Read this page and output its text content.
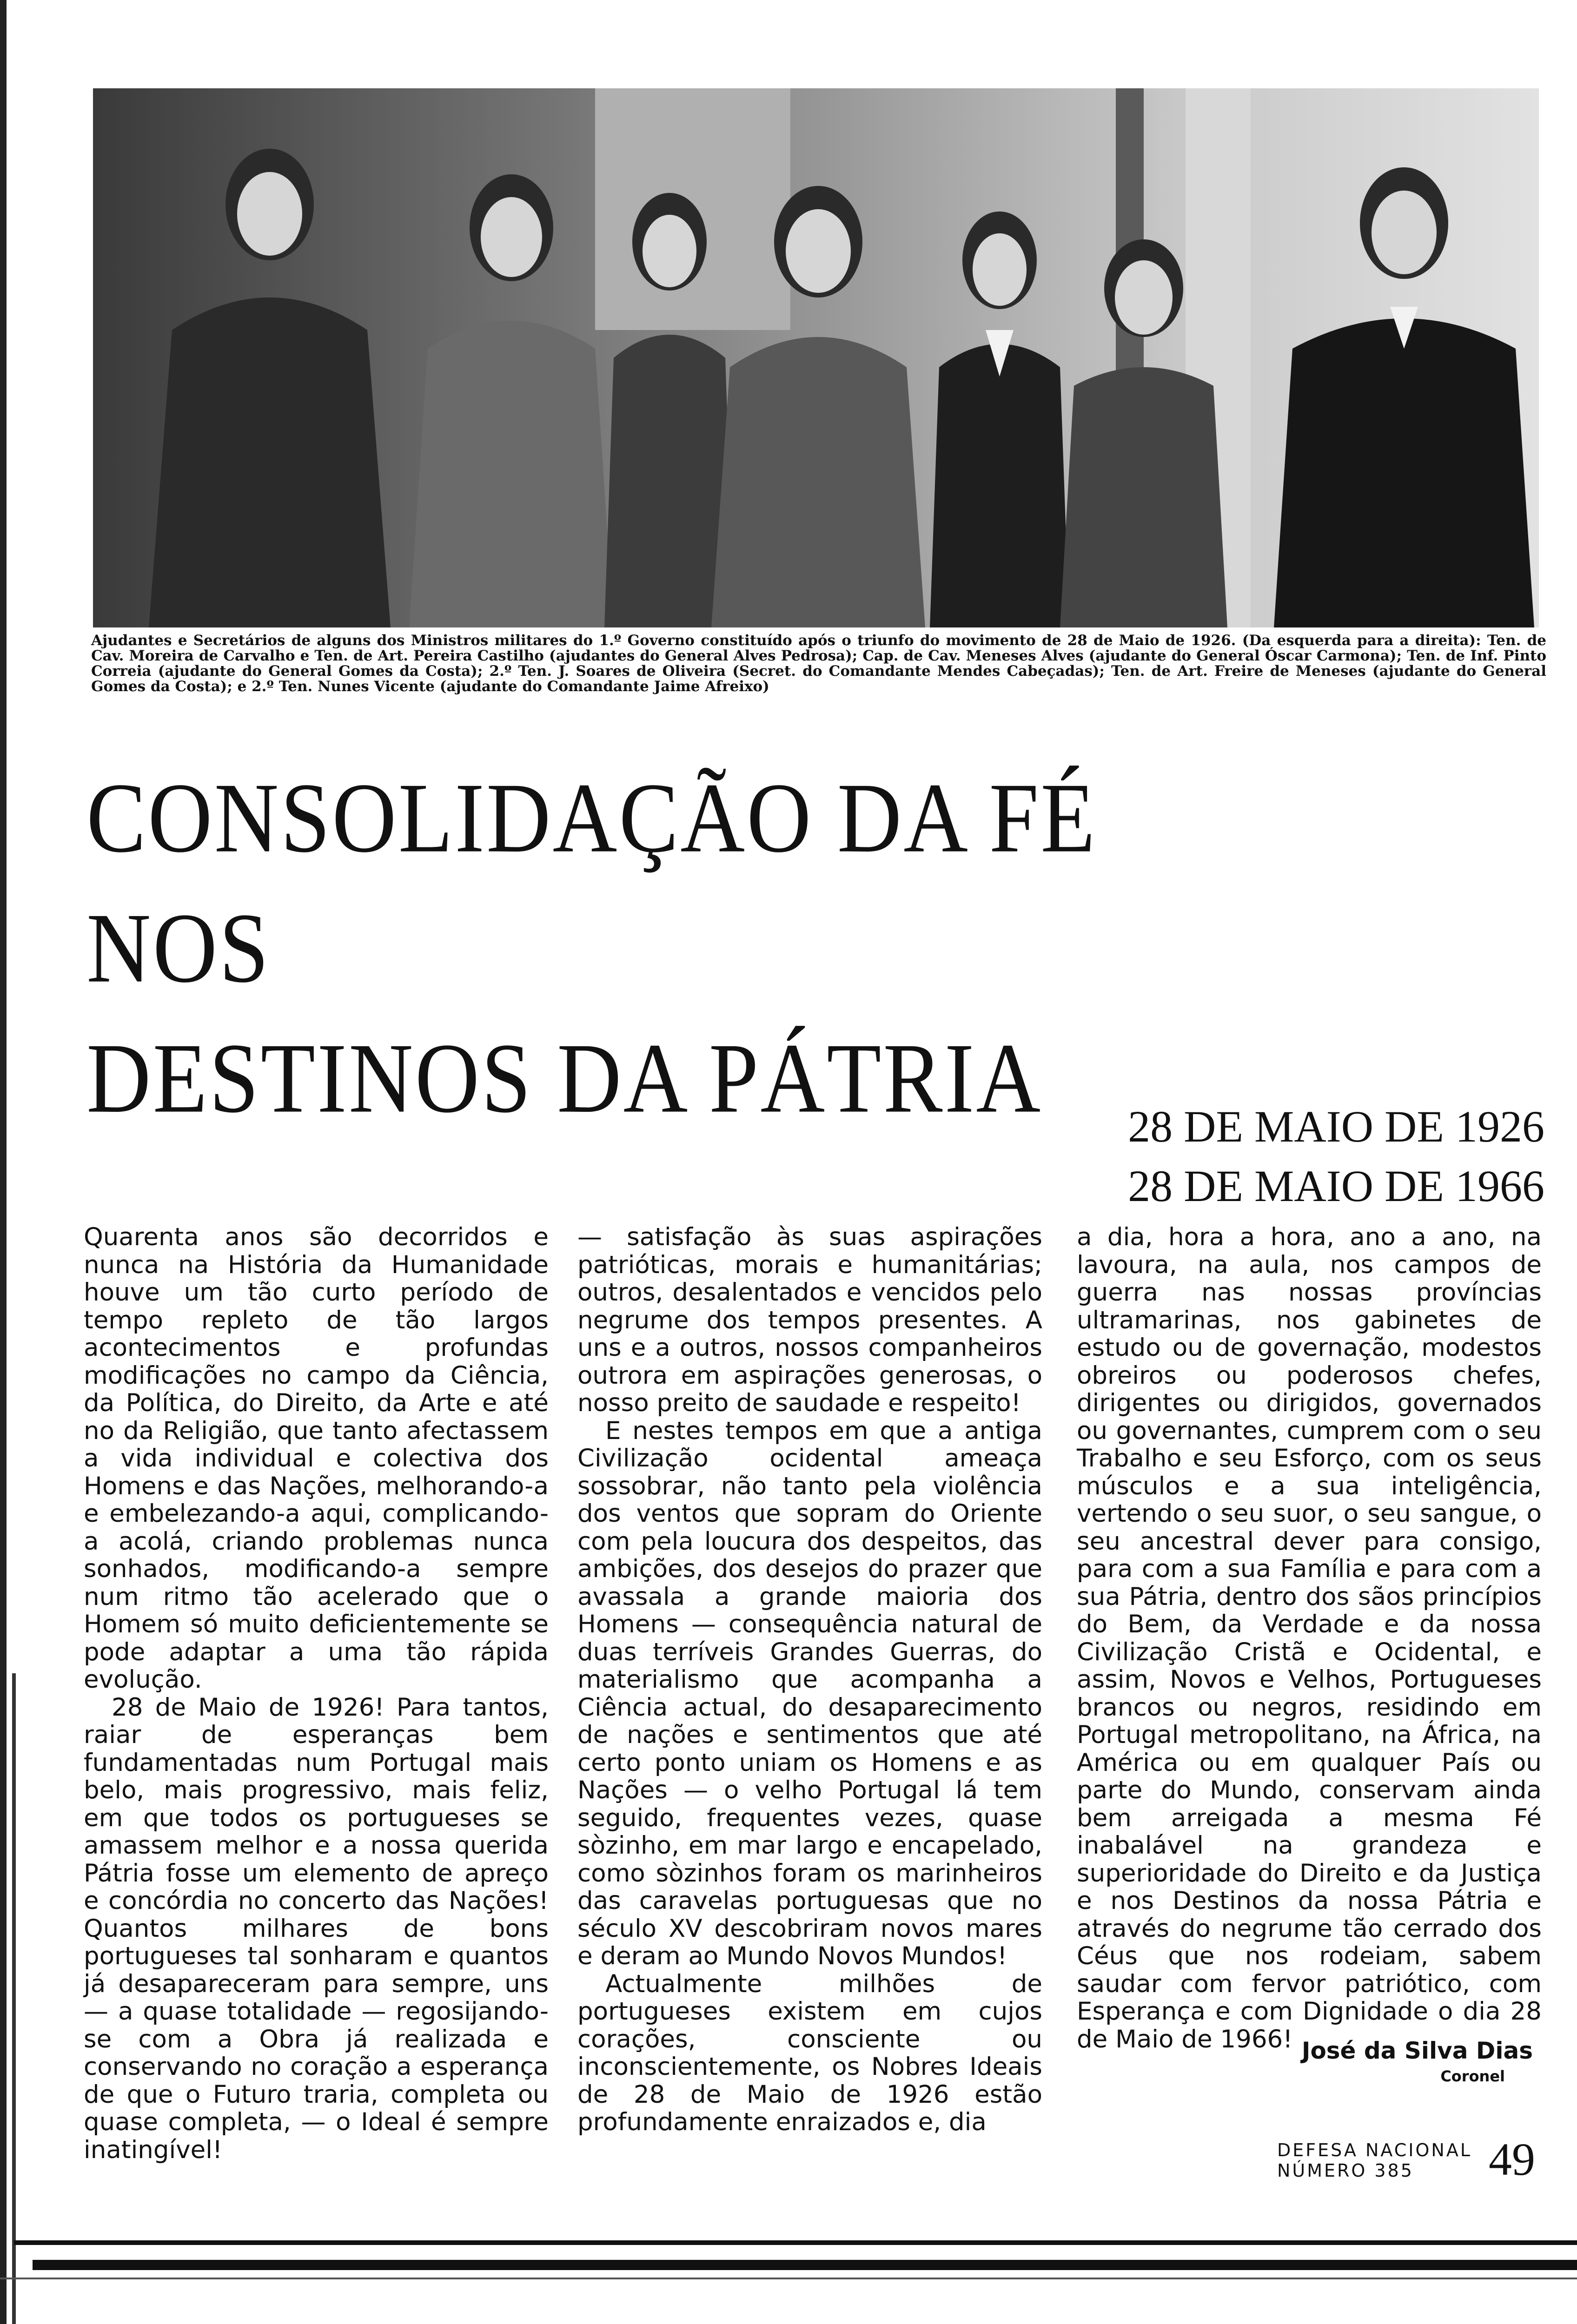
Ajudantes e Secretários de alguns dos Ministros militares do 1.º Governo constituído após o triunfo do movimento de 28 de Maio de 1926. (Da esquerda para a direita): Ten. de Cav. Moreira de Carvalho e Ten. de Art. Pereira Castilho (ajudantes do General Alves Pedrosa); Cap. de Cav. Meneses Alves (ajudante do General Óscar Carmona); Ten. de Inf. Pinto Correia (ajudante do General Gomes da Costa); 2.º Ten. J. Soares de Oliveira (Secret. do Comandante Mendes Cabeçadas); Ten. de Art. Freire de Meneses (ajudante do General Gomes da Costa); e 2.º Ten. Nunes Vicente (ajudante do Comandante Jaime Afreixo)

CONSOLIDAÇÃO DA FÉ
NOS
DESTINOS DA PÁTRIA	28 DE MAIO DE 1926
28 DE MAIO DE 1966

Quarenta anos são decorridos e nunca na História da Humanidade houve um tão curto período de tempo repleto de tão largos acontecimentos e profundas modificações no campo da Ciência, da Política, do Direito, da Arte e até no da Religião, que tanto afectassem a vida individual e colectiva dos Homens e das Nações, melhorando-a e embelezando-a aqui, complicando-a acolá, criando problemas nunca sonhados, modificando-a sempre num ritmo tão acelerado que o Homem só muito deficientemente se pode adaptar a uma tão rápida evolução.

28 de Maio de 1926! Para tantos, raiar de esperanças bem fundamentadas num Portugal mais belo, mais progressivo, mais feliz, em que todos os portugueses se amassem melhor e a nossa querida Pátria fosse um elemento de apreço e concórdia no concerto das Nações! Quantos milhares de bons portugueses tal sonharam e quantos já desapareceram para sempre, uns — a quase totalidade — regosijando-se com a Obra já realizada e conservando no coração a esperança de que o Futuro traria, completa ou quase completa, — o Ideal é sempre inatingível!

— satisfação às suas aspirações patrióticas, morais e humanitárias; outros, desalentados e vencidos pelo negrume dos tempos presentes. A uns e a outros, nossos companheiros outrora em aspirações generosas, o nosso preito de saudade e respeito!

E nestes tempos em que a antiga Civilização ocidental ameaça sossobrar, não tanto pela violência dos ventos que sopram do Oriente com pela loucura dos despeitos, das ambições, dos desejos do prazer que avassala a grande maioria dos Homens — consequência natural de duas terríveis Grandes Guerras, do materialismo que acompanha a Ciência actual, do desaparecimento de nações e sentimentos que até certo ponto uniam os Homens e as Nações — o velho Portugal lá tem seguido, frequentes vezes, quase sòzinho, em mar largo e encapelado, como sòzinhos foram os marinheiros das caravelas portuguesas que no século XV descobriram novos mares e deram ao Mundo Novos Mundos!

Actualmente milhões de portugueses existem em cujos corações, consciente ou inconscientemente, os Nobres Ideais de 28 de Maio de 1926 estão profundamente enraizados e, dia

a dia, hora a hora, ano a ano, na lavoura, na aula, nos campos de guerra nas nossas províncias ultramarinas, nos gabinetes de estudo ou de governação, modestos obreiros ou poderosos chefes, dirigentes ou dirigidos, governados ou governantes, cumprem com o seu Trabalho e seu Esforço, com os seus músculos e a sua inteligência, vertendo o seu suor, o seu sangue, o seu ancestral dever para consigo, para com a sua Família e para com a sua Pátria, dentro dos sãos princípios do Bem, da Verdade e da nossa Civilização Cristã e Ocidental, e assim, Novos e Velhos, Portugueses brancos ou negros, residindo em Portugal metropolitano, na África, na América ou em qualquer País ou parte do Mundo, conservam ainda bem arreigada a mesma Fé inabalável na grandeza e superioridade do Direito e da Justiça e nos Destinos da nossa Pátria e através do negrume tão cerrado dos Céus que nos rodeiam, sabem saudar com fervor patriótico, com Esperança e com Dignidade o dia 28 de Maio de 1966! José da Silva Dias
Coronel
DEFESA NACIONAL
NÚMERO 385	49
